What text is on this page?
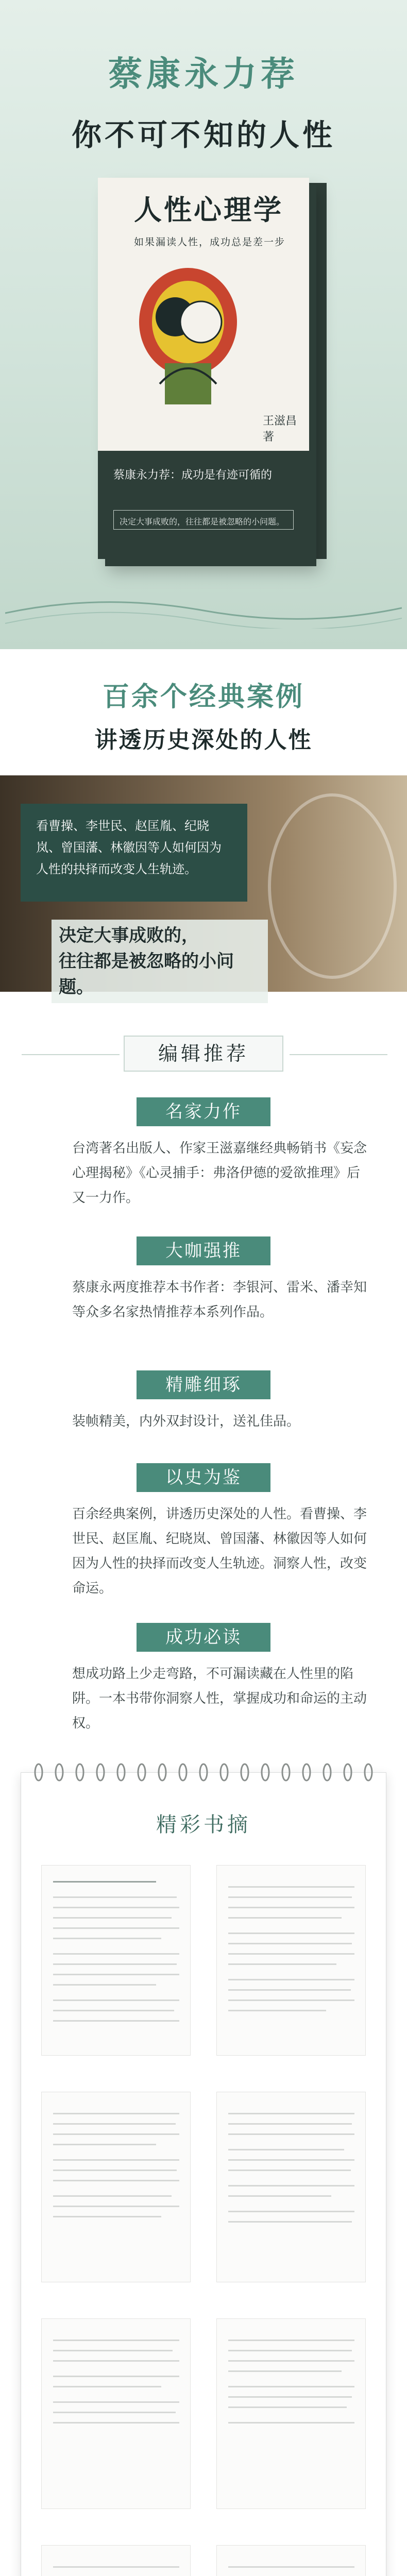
蔡康永力荐
你不可不知的人性
人性心理学
如果漏读人性，成功总是差一步
王滋昌 著
蔡康永力荐：成功是有迹可循的
决定大事成败的，往往都是被忽略的小问题。
百余个经典案例
讲透历史深处的人性
看曹操、李世民、赵匡胤、纪晓岚、曾国藩、林徽因等人如何因为人性的抉择而改变人生轨迹。
决定大事成败的，
往往都是被忽略的小问题。
编辑推荐
名家力作
台湾著名出版人、作家王滋嘉继经典畅销书《妄念心理揭秘》《心灵捕手：弗洛伊德的爱欲推理》后又一力作。
大咖强推
蔡康永两度推荐本书作者：李银河、雷米、潘幸知等众多名家热情推荐本系列作品。
精雕细琢
装帧精美，内外双封设计，送礼佳品。
以史为鉴
百余经典案例，讲透历史深处的人性。看曹操、李世民、赵匡胤、纪晓岚、曾国藩、林徽因等人如何因为人性的抉择而改变人生轨迹。洞察人性，改变命运。
成功必读
想成功路上少走弯路，不可漏读藏在人性里的陷阱。一本书带你洞察人性，掌握成功和命运的主动权。
精彩书摘
